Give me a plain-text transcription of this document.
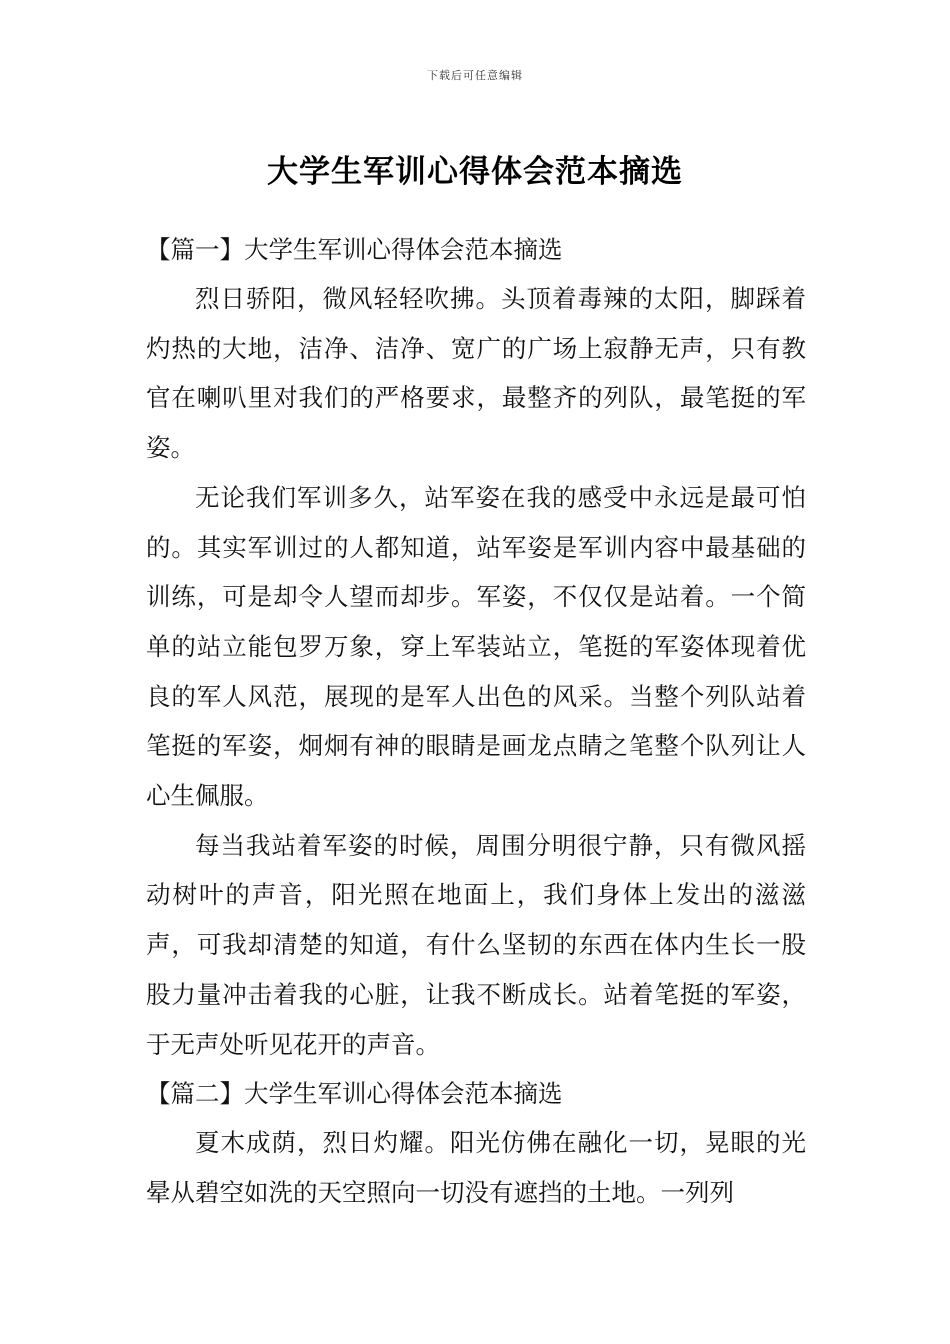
下载后可任意编辑
大学生军训心得体会范本摘选

【篇一】大学生军训心得体会范本摘选

烈日骄阳，微风轻轻吹拂。头顶着毒辣的太阳，脚踩着灼热的大地，洁净、洁净、宽广的广场上寂静无声，只有教官在喇叭里对我们的严格要求，最整齐的列队，最笔挺的军姿。

无论我们军训多久，站军姿在我的感受中永远是最可怕的。其实军训过的人都知道，站军姿是军训内容中最基础的训练，可是却令人望而却步。军姿，不仅仅是站着。一个简单的站立能包罗万象，穿上军装站立，笔挺的军姿体现着优良的军人风范，展现的是军人出色的风采。当整个列队站着笔挺的军姿，炯炯有神的眼睛是画龙点睛之笔整个队列让人心生佩服。

每当我站着军姿的时候，周围分明很宁静，只有微风摇动树叶的声音，阳光照在地面上，我们身体上发出的滋滋声，可我却清楚的知道，有什么坚韧的东西在体内生长一股股力量冲击着我的心脏，让我不断成长。站着笔挺的军姿，于无声处听见花开的声音。

【篇二】大学生军训心得体会范本摘选

夏木成荫，烈日灼耀。阳光仿佛在融化一切，晃眼的光晕从碧空如洗的天空照向一切没有遮挡的土地。一列列
